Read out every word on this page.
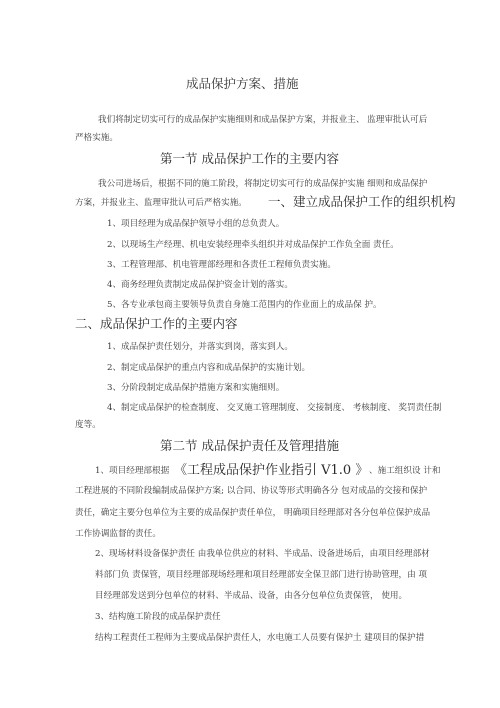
成品保护方案、措施
我们将制定切实可行的成品保护实施细则和成品保护方案，并报业主、 监理审批认可后
严格实施。
第一节 成品保护工作的主要内容
我公司进场后，根据不同的施工阶段，将制定切实可行的成品保护实施 细则和成品保护
方案，并报业主、监理审批认可后严格实施。 一、建立成品保护工作的组织机构
1、项目经理为成品保护领导小组的总负责人。
2、以现场生产经理、机电安装经理牵头组织并对成品保护工作负全面 责任。
3、工程管理部、机电管理部经理和各责任工程师负责实施。
4、商务经理负责制定成品保护资金计划的落实。
5、各专业承包商主要领导负责自身施工范围内的作业面上的成品保 护。
二、成品保护工作的主要内容
1、成品保护责任划分，并落实到岗，落实到人。
2、制定成品保护的重点内容和成品保护的实施计划。
3、分阶段制定成品保护措施方案和实施细则。
4、制定成品保护的检查制度、 交叉施工管理制度、 交接制度、 考核制度、 奖罚责任制
度等。
第二节 成品保护责任及管理措施
1、项目经理部根据 《工程成品保护作业指引 V1.0 》 、施工组织设 计和
工程进展的不同阶段编制成品保护方案; 以合同、协议等形式明确各分 包对成品的交接和保护
责任，确定主要分包单位为主要的成品保护责任单位， 明确项目经理部对各分包单位保护成品
工作协调监督的责任。
2、现场材料设备保护责任 由我单位供应的材料、半成品、设备进场后，由项目经理部材
料部门负 责保管，项目经理部现场经理和项目经理部安全保卫部门进行协助管理，由 项
目经理部发送到分包单位的材料、半成品、设备，由各分包单位负责保管， 使用。
3、结构施工阶段的成品保护责任
结构工程责任工程师为主要成品保护责任人，水电施工人员要有保护土 建项目的保护措
